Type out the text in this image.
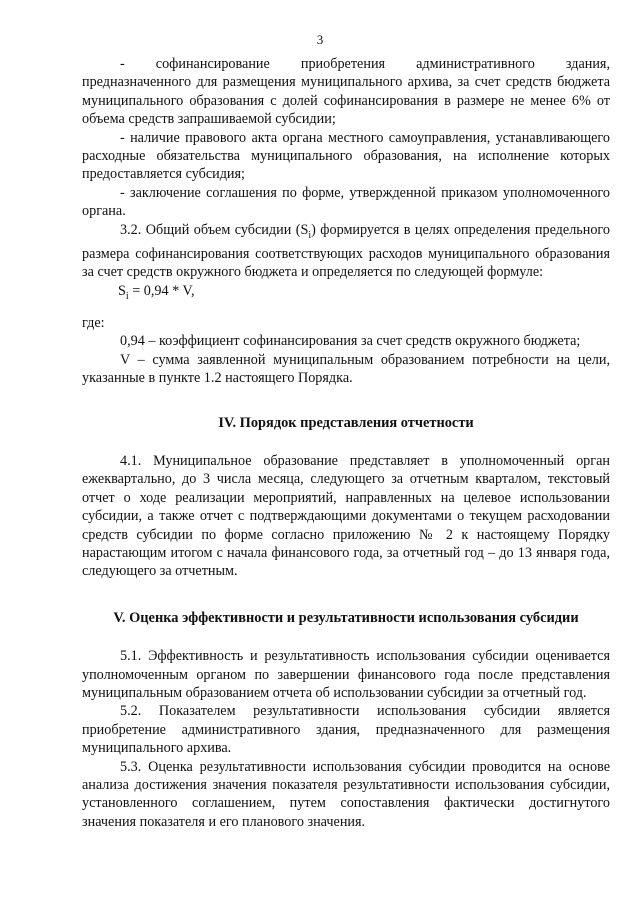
3

- софинансирование приобретения административного здания, предназначенного для размещения муниципального архива, за счет средств бюджета муниципального образования с долей софинансирования в размере не менее 6% от объема средств запрашиваемой субсидии;

- наличие правового акта органа местного самоуправления, устанавливающего расходные обязательства муниципального образования, на исполнение которых предоставляется субсидия;

- заключение соглашения по форме, утвержденной приказом уполномоченного органа.

3.2. Общий объем субсидии $(S_i)$ формируется в целях определения предельного размера софинансирования соответствующих расходов муниципального образования за счет средств окружного бюджета и определяется по следующей формуле:

$S_i = 0,94 * V$,

где:

0,94 – коэффициент софинансирования за счет средств окружного бюджета;

V – сумма заявленной муниципальным образованием потребности на цели, указанные в пункте 1.2 настоящего Порядка.

IV. Порядок представления отчетности

4.1. Муниципальное образование представляет в уполномоченный орган ежеквартально, до 3 числа месяца, следующего за отчетным кварталом, текстовый отчет о ходе реализации мероприятий, направленных на целевое использовании субсидии, а также отчет с подтверждающими документами о текущем расходовании средств субсидии по форме согласно приложению № 2 к настоящему Порядку нарастающим итогом с начала финансового года, за отчетный год – до 13 января года, следующего за отчетным.

V. Оценка эффективности и результативности использования субсидии

5.1. Эффективность и результативность использования субсидии оценивается уполномоченным органом по завершении финансового года после представления муниципальным образованием отчета об использовании субсидии за отчетный год.

5.2. Показателем результативности использования субсидии является приобретение административного здания, предназначенного для размещения муниципального архива.

5.3. Оценка результативности использования субсидии проводится на основе анализа достижения значения показателя результативности использования субсидии, установленного соглашением, путем сопоставления фактически достигнутого значения показателя и его планового значения.
